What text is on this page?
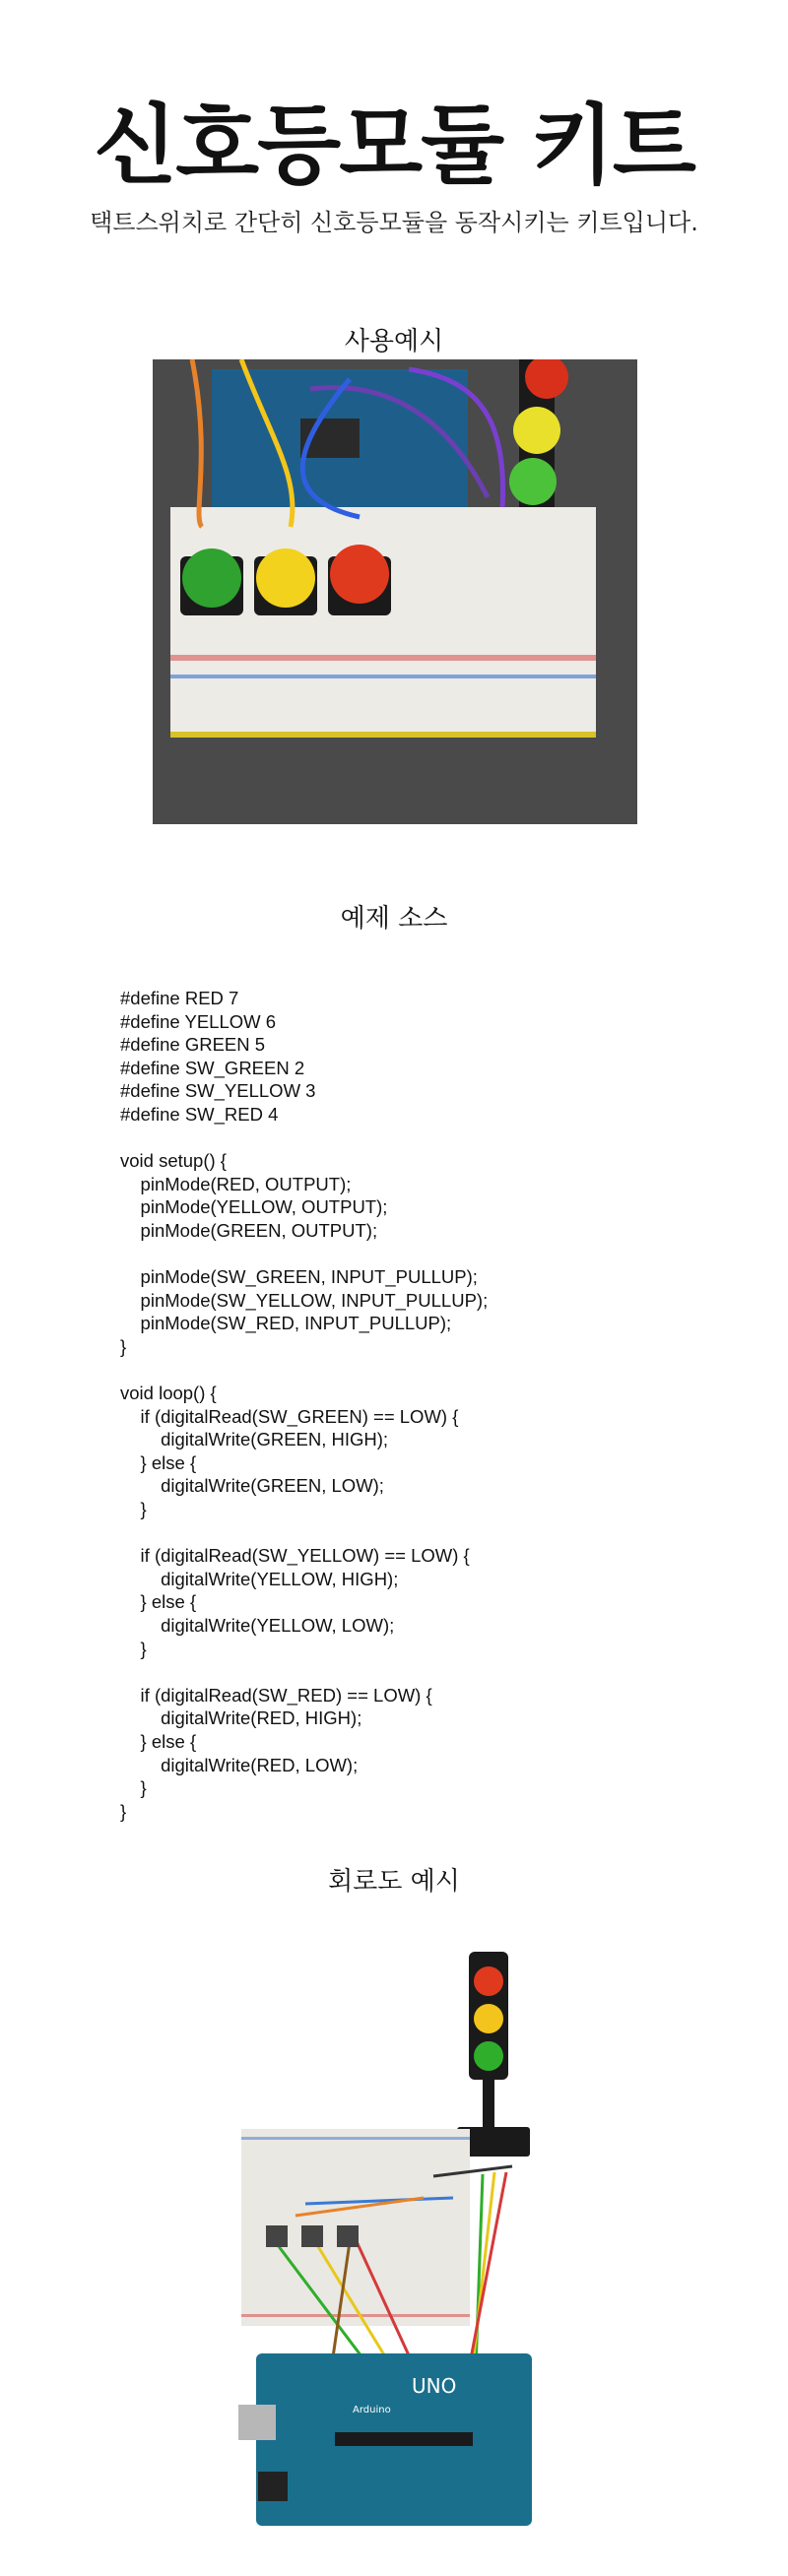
신호등모듈 키트
택트스위치로 간단히 신호등모듈을 동작시키는 키트입니다.
사용예시
예제 소스
#define RED 7
#define YELLOW 6
#define GREEN 5
#define SW_GREEN 2
#define SW_YELLOW 3
#define SW_RED 4

void setup() {
pinMode(RED, OUTPUT);
pinMode(YELLOW, OUTPUT);
pinMode(GREEN, OUTPUT);

pinMode(SW_GREEN, INPUT_PULLUP);
pinMode(SW_YELLOW, INPUT_PULLUP);
pinMode(SW_RED, INPUT_PULLUP);
}

void loop() {
if (digitalRead(SW_GREEN) == LOW) {
digitalWrite(GREEN, HIGH);
} else {
digitalWrite(GREEN, LOW);
}

if (digitalRead(SW_YELLOW) == LOW) {
digitalWrite(YELLOW, HIGH);
} else {
digitalWrite(YELLOW, LOW);
}

if (digitalRead(SW_RED) == LOW) {
digitalWrite(RED, HIGH);
} else {
digitalWrite(RED, LOW);
}
}
회로도 예시
UNO
Arduino
